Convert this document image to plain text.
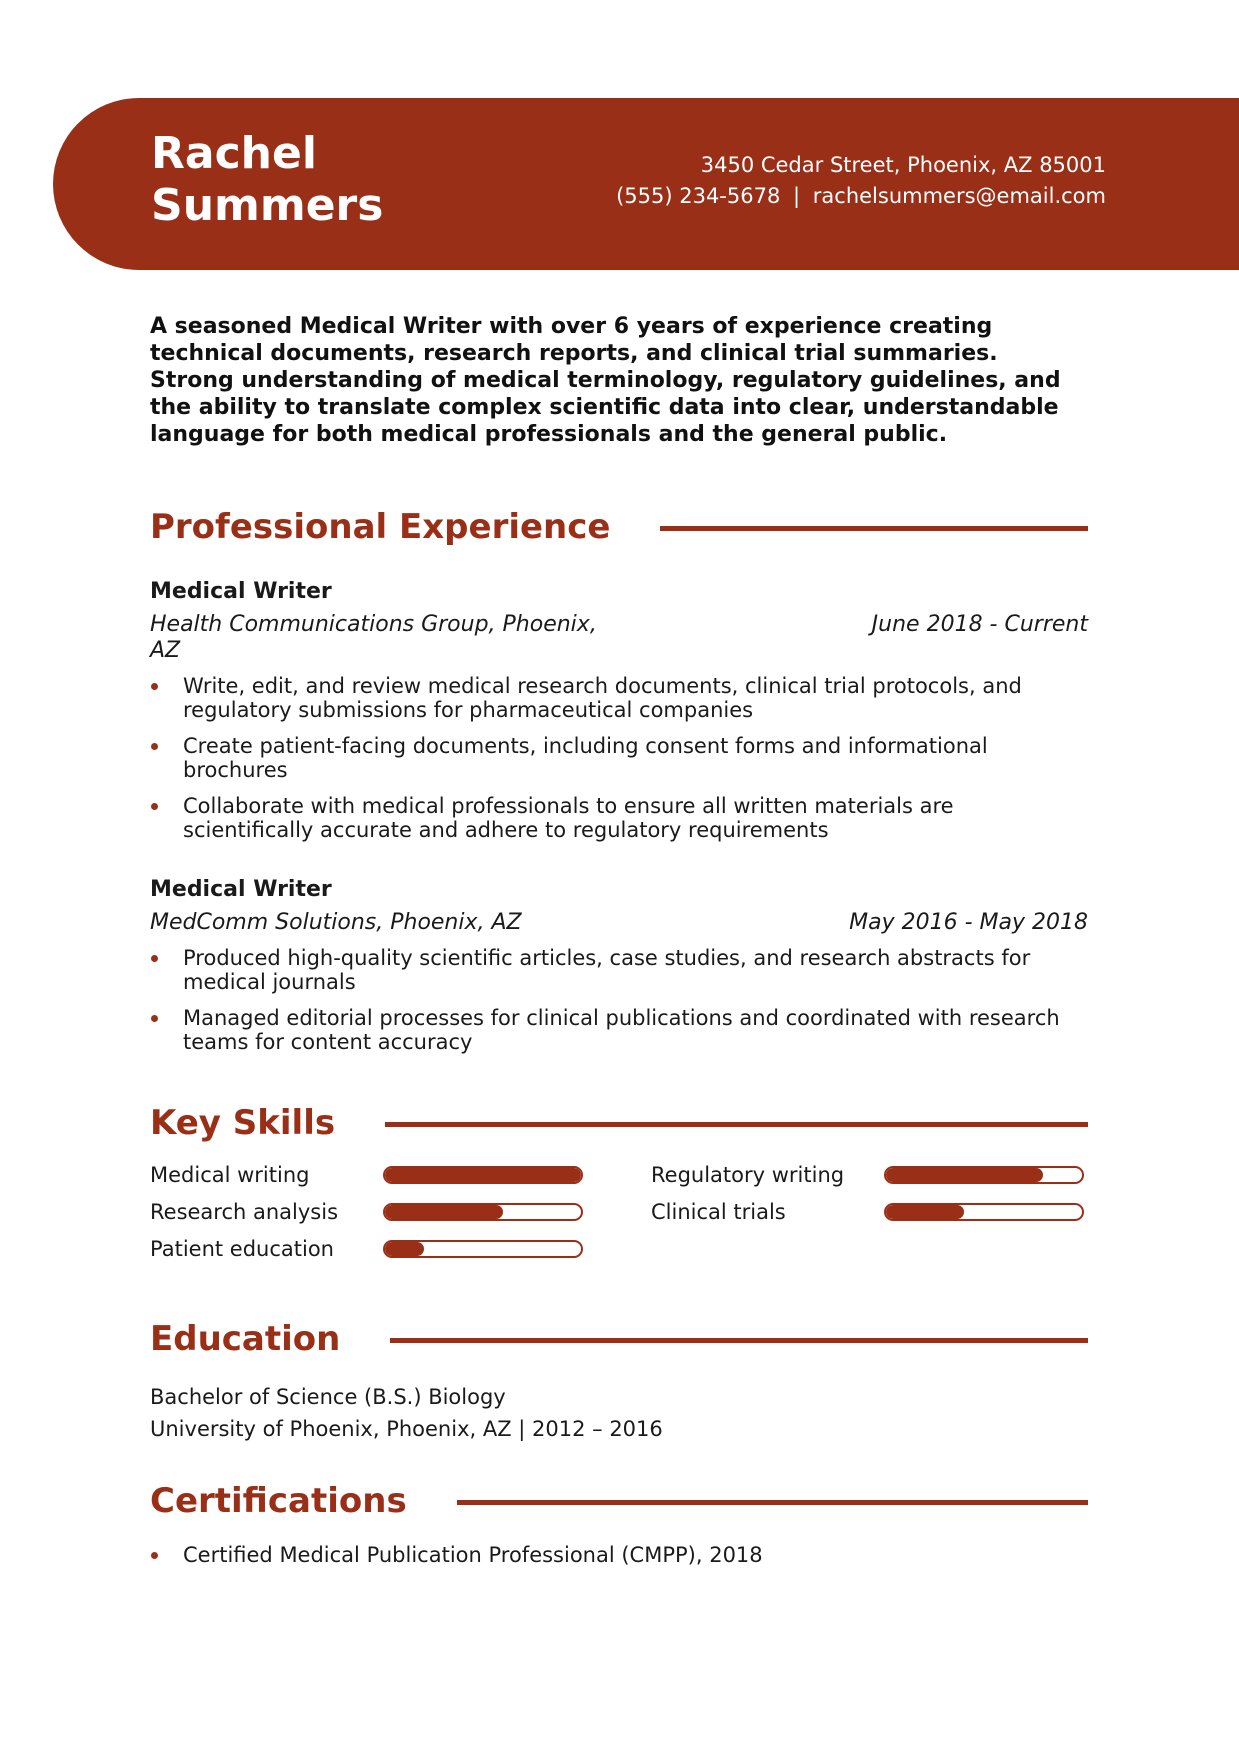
Rachel
Summers
3450 Cedar Street, Phoenix, AZ 85001
(555) 234-5678 | rachelsummers@email.com
A seasoned Medical Writer with over 6 years of experience creating technical documents, research reports, and clinical trial summaries. Strong understanding of medical terminology, regulatory guidelines, and the ability to translate complex scientific data into clear, understandable language for both medical professionals and the general public.
Professional Experience
Medical Writer
Health Communications Group, Phoenix, AZ
June 2018 - Current
Write, edit, and review medical research documents, clinical trial protocols, and regulatory submissions for pharmaceutical companies
Create patient-facing documents, including consent forms and informational brochures
Collaborate with medical professionals to ensure all written materials are scientifically accurate and adhere to regulatory requirements
Medical Writer
MedComm Solutions, Phoenix, AZ	May 2016 - May 2018
Produced high-quality scientific articles, case studies, and research abstracts for medical journals
Managed editorial processes for clinical publications and coordinated with research teams for content accuracy
Key Skills
Medical writing
Research analysis
Patient education
Regulatory writing
Clinical trials
Education
Bachelor of Science (B.S.) Biology
University of Phoenix, Phoenix, AZ | 2012 – 2016
Certifications
Certified Medical Publication Professional (CMPP), 2018
